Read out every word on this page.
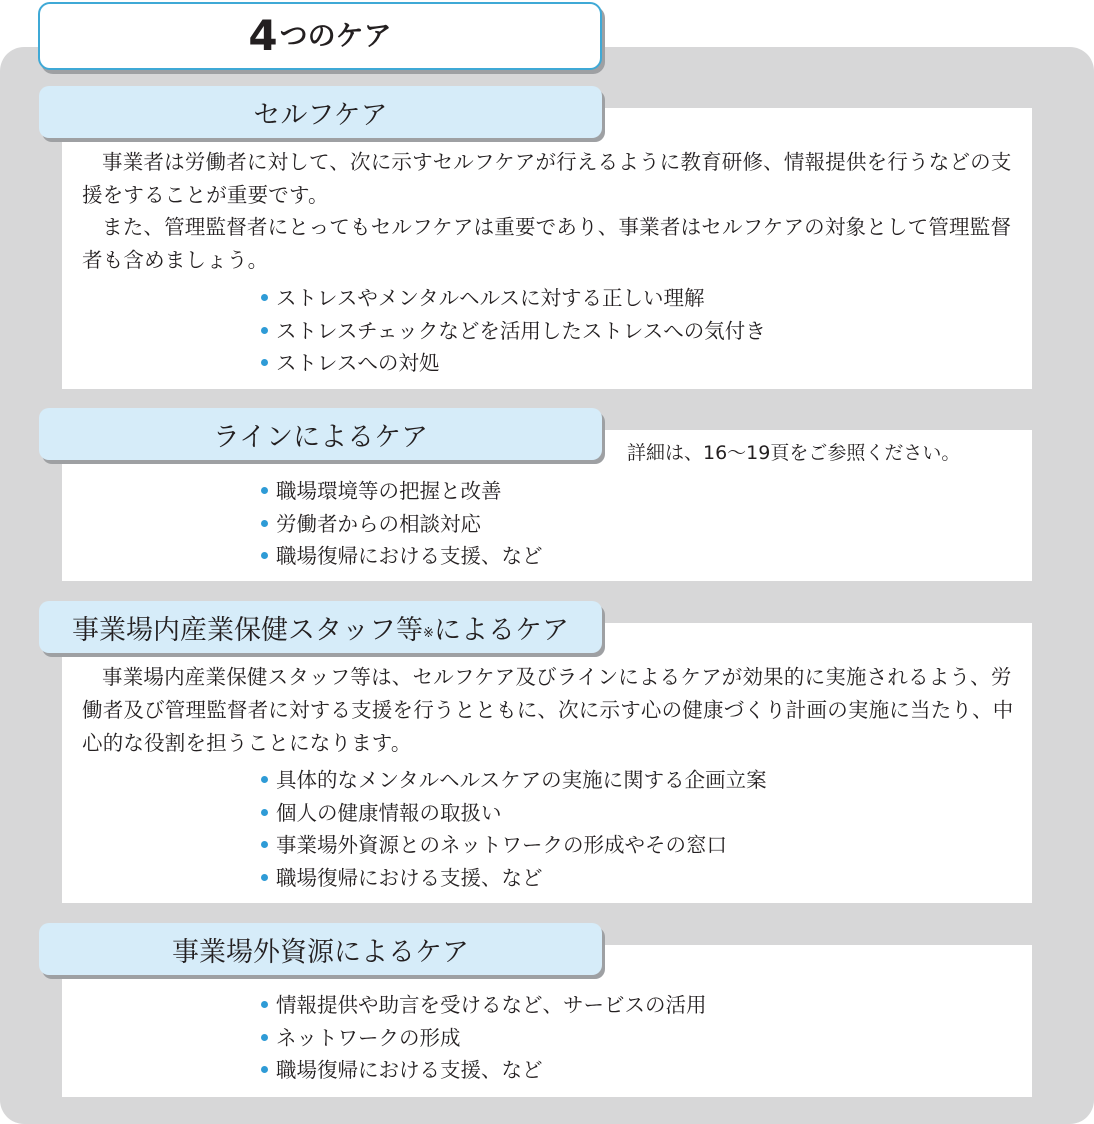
4 つのケア
セルフケア

事業者は労働者に対して、次に示すセルフケアが行えるように教育研修、情報提供を行うなどの支援をすることが重要です。

また、管理監督者にとってもセルフケアは重要であり、事業者はセルフケアの対象として管理監督者も含めましょう。

ストレスやメンタルヘルスに対する正しい理解
ストレスチェックなどを活用したストレスへの気付き
ストレスへの対処
ラインによるケア
詳細は、16～19頁をご参照ください。
職場環境等の把握と改善
労働者からの相談対応
職場復帰における支援、など
事業場内産業保健スタッフ等※ によるケア

事業場内産業保健スタッフ等は、セルフケア及びラインによるケアが効果的に実施されるよう、労働者及び管理監督者に対する支援を行うとともに、次に示す心の健康づくり計画の実施に当たり、中心的な役割を担うことになります。

具体的なメンタルヘルスケアの実施に関する企画立案
個人の健康情報の取扱い
事業場外資源とのネットワークの形成やその窓口
職場復帰における支援、など
事業場外資源によるケア
情報提供や助言を受けるなど、サービスの活用
ネットワークの形成
職場復帰における支援、など
